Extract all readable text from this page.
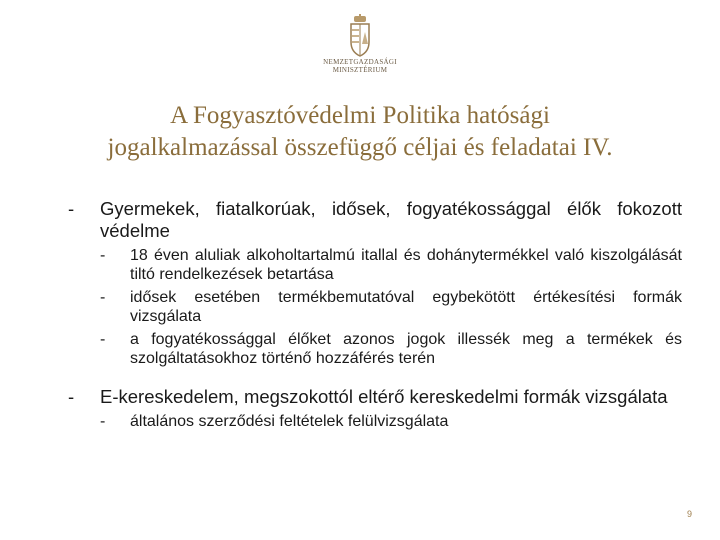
NEMZETGAZDASÁGI
MINISZTÉRIUM
A Fogyasztóvédelmi Politika hatósági
jogalkalmazással összefüggő céljai és feladatai IV.
- Gyermekek, fiatalkorúak, idősek, fogyatékossággal élők fokozott védelme
- 18 éven aluliak alkoholtartalmú itallal és dohánytermékkel való kiszolgálását tiltó rendelkezések betartása
- idősek esetében termékbemutatóval egybekötött értékesítési formák vizsgálata
- a fogyatékossággal élőket azonos jogok illessék meg a termékek és szolgáltatásokhoz történő hozzáférés terén
- E-kereskedelem, megszokottól eltérő kereskedelmi formák vizsgálata
- általános szerződési feltételek felülvizsgálata
9
